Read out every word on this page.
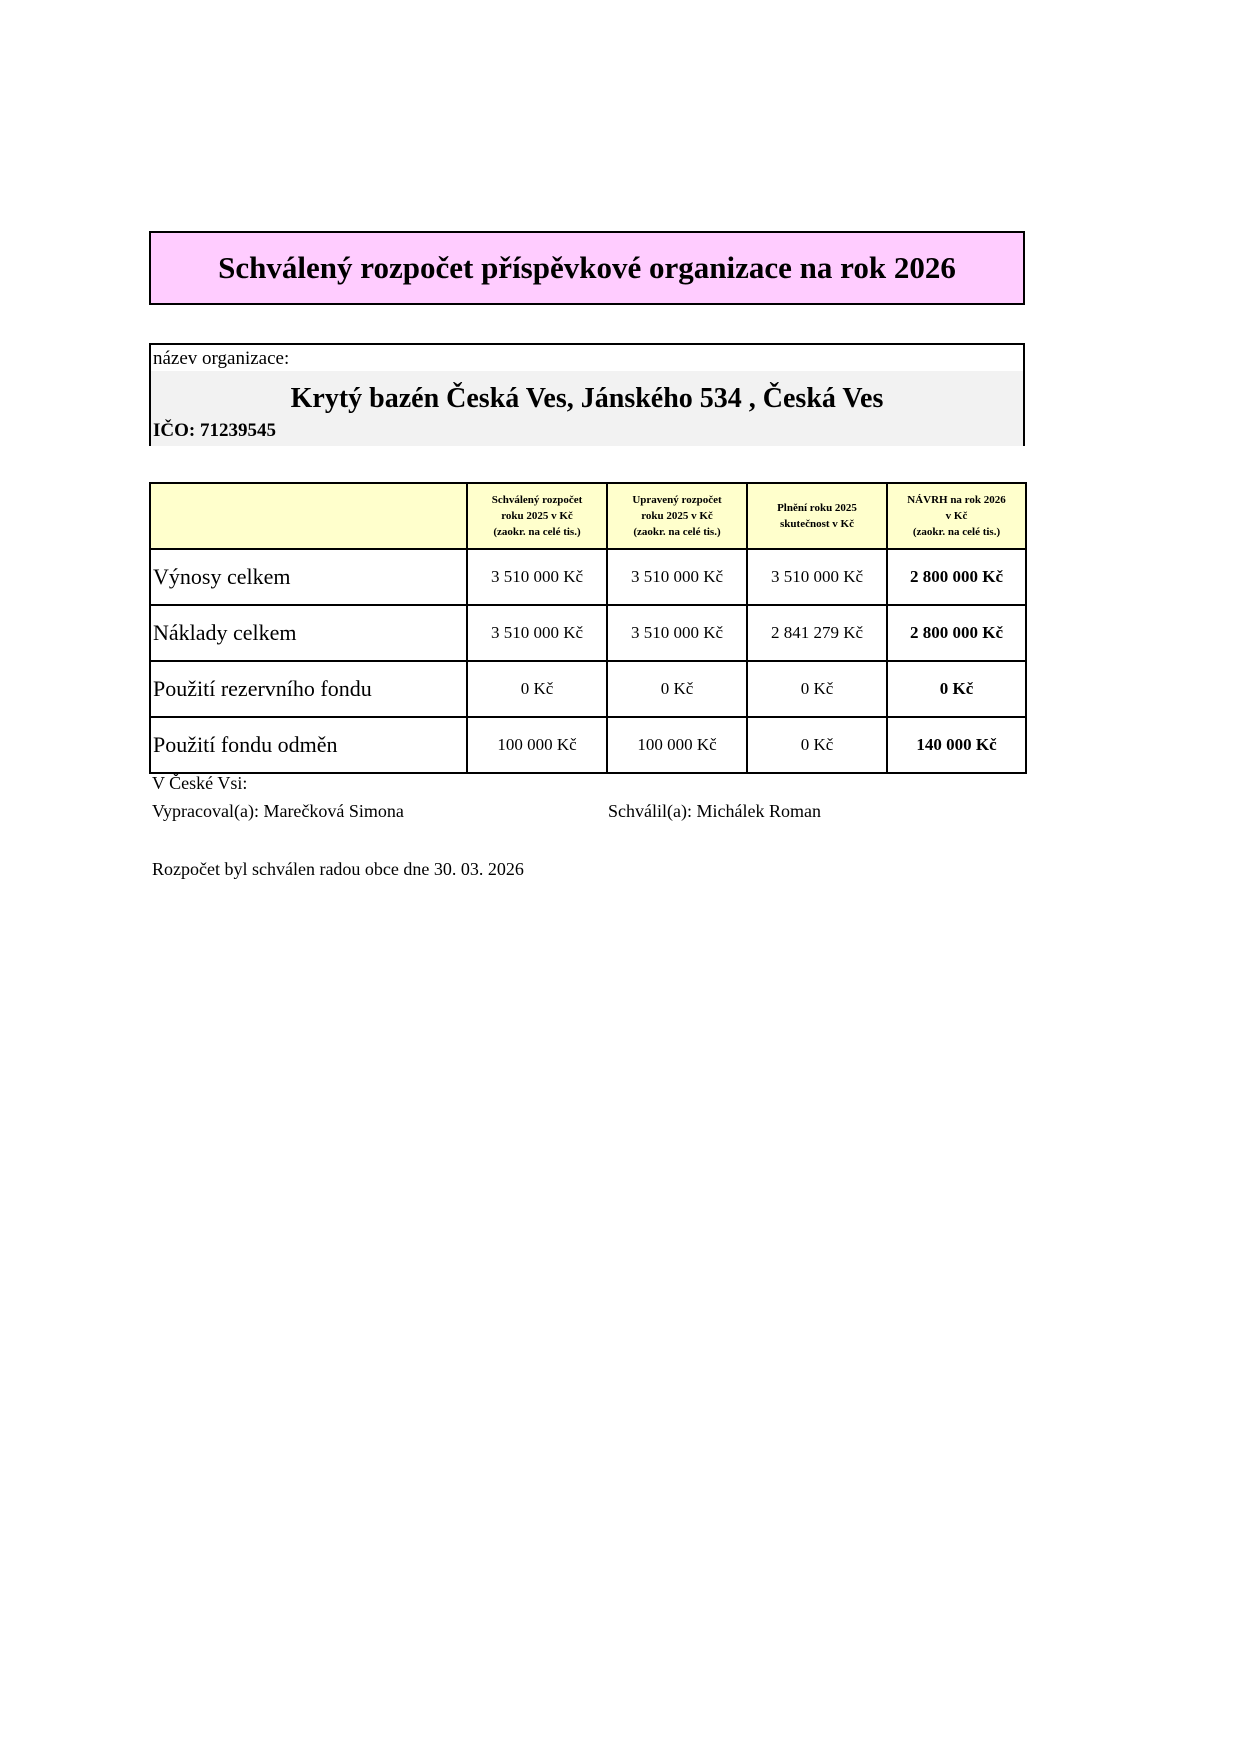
Schválený rozpočet příspěvkové organizace na rok 2026
název organizace:
Krytý bazén Česká Ves, Jánského 534 , Česká Ves
IČO: 71239545
	Schválený rozpočet
roku 2025 v Kč
(zaokr. na celé tis.)	Upravený rozpočet
roku 2025 v Kč
(zaokr. na celé tis.)	Plnění roku 2025
skutečnost v Kč	NÁVRH na rok 2026
v Kč
(zaokr. na celé tis.)
Výnosy celkem	3 510 000 Kč	3 510 000 Kč	3 510 000 Kč	2 800 000 Kč
Náklady celkem	3 510 000 Kč	3 510 000 Kč	2 841 279 Kč	2 800 000 Kč
Použití rezervního fondu	0 Kč	0 Kč	0 Kč	0 Kč
Použití fondu odměn	100 000 Kč	100 000 Kč	0 Kč	140 000 Kč
V České Vsi:
Vypracoval(a): Marečková Simona	Schválil(a): Michálek Roman
Rozpočet byl schválen radou obce dne 30. 03. 2026
